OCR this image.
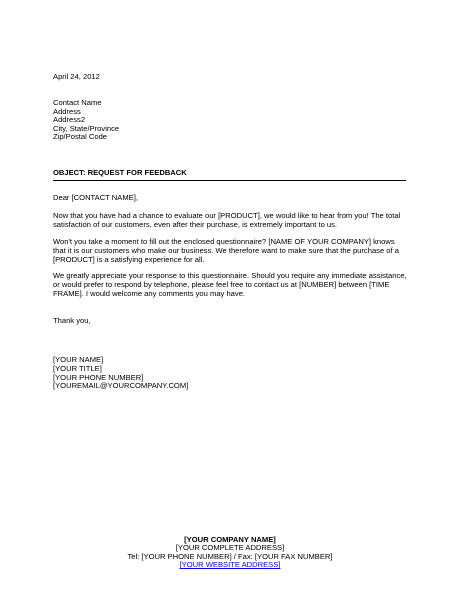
April 24, 2012
Contact Name
Address
Address2
City, State/Province
Zip/Postal Code
OBJECT: REQUEST FOR FEEDBACK
Dear [CONTACT NAME],
Now that you have had a chance to evaluate our [PRODUCT], we would like to hear from you! The total
satisfaction of our customers, even after their purchase, is extremely important to us.
Won't you take a moment to fill out the enclosed questionnaire? [NAME OF YOUR COMPANY] knows
that it is our customers who make our business. We therefore want to make sure that the purchase of a
[PRODUCT] is a satisfying experience for all.
We greatly appreciate your response to this questionnaire. Should you require any immediate assistance,
or would prefer to respond by telephone, please feel free to contact us at [NUMBER] between [TIME
FRAME]. I would welcome any comments you may have.
Thank you,
[YOUR NAME]
[YOUR TITLE]
[YOUR PHONE NUMBER]
[YOUREMAIL@YOURCOMPANY.COM]
[YOUR COMPANY NAME]
[YOUR COMPLETE ADDRESS]
Tel: [YOUR PHONE NUMBER] / Fax: [YOUR FAX NUMBER]
[YOUR WEBSITE ADDRESS]
